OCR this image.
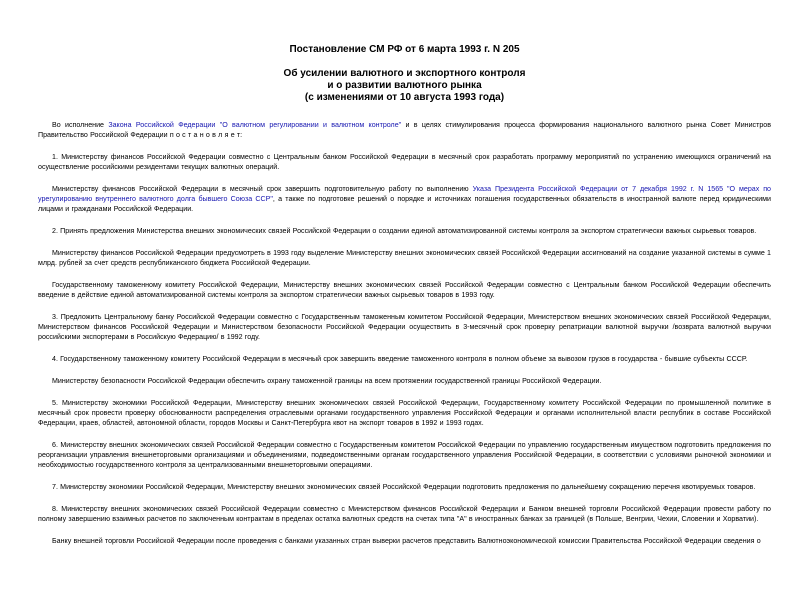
Постановление СМ РФ от 6 марта 1993 г. N 205
Об усилении валютного и экспортного контроля
и о развитии валютного рынка
(с изменениями от 10 августа 1993 года)

Во исполнение Закона Российской Федерации "О валютном регулировании и валютном контроле" и в целях стимулирования процесса формирования национального валютного рынка Совет Министров Правительство Российской Федерации п о с т а н о в л я е т:

1. Министерству финансов Российской Федерации совместно с Центральным банком Российской Федерации в месячный срок разработать программу мероприятий по устранению имеющихся ограничений на осуществление российскими резидентами текущих валютных операций.

Министерству финансов Российской Федерации в месячный срок завершить подготовительную работу по выполнению Указа Президента Российской Федерации от 7 декабря 1992 г. N 1565 "О мерах по урегулированию внутреннего валютного долга бывшего Союза ССР", а также по подготовке решений о порядке и источниках погашения государственных обязательств в иностранной валюте перед юридическими лицами и гражданами Российской Федерации.

2. Принять предложения Министерства внешних экономических связей Российской Федерации о создании единой автоматизированной системы контроля за экспортом стратегически важных сырьевых товаров.

Министерству финансов Российской Федерации предусмотреть в 1993 году выделение Министерству внешних экономических связей Российской Федерации ассигнований на создание указанной системы в сумме 1 млрд. рублей за счет средств республиканского бюджета Российской Федерации.

Государственному таможенному комитету Российской Федерации, Министерству внешних экономических связей Российской Федерации совместно с Центральным банком Российской Федерации обеспечить введение в действие единой автоматизированной системы контроля за экспортом стратегически важных сырьевых товаров в 1993 году.

3. Предложить Центральному банку Российской Федерации совместно с Государственным таможенным комитетом Российской Федерации, Министерством внешних экономических связей Российской Федерации, Министерством финансов Российской Федерации и Министерством безопасности Российской Федерации осуществить в 3-месячный срок проверку репатриации валютной выручки /возврата валютной выручки российскими экспортерами в Российскую Федерацию/ в 1992 году.

4. Государственному таможенному комитету Российской Федерации в месячный срок завершить введение таможенного контроля в полном объеме за вывозом грузов в государства - бывшие субъекты СССР.

Министерству безопасности Российской Федерации обеспечить охрану таможенной границы на всем протяжении государственной границы Российской Федерации.

5. Министерству экономики Российской Федерации, Министерству внешних экономических связей Российской Федерации, Государственному комитету Российской Федерации по промышленной политике в месячный срок провести проверку обоснованности распределения отраслевыми органами государственного управления Российской Федерации и органами исполнительной власти республик в составе Российской Федерации, краев, областей, автономной области, городов Москвы и Санкт-Петербурга квот на экспорт товаров в 1992 и 1993 годах.

6. Министерству внешних экономических связей Российской Федерации совместно с Государственным комитетом Российской Федерации по управлению государственным имуществом подготовить предложения по реорганизации управления внешнеторговыми организациями и объединениями, подведомственными органам государственного управления Российской Федерации, в соответствии с условиями рыночной экономики и необходимостью государственного контроля за централизованными внешнеторговыми операциями.

7. Министерству экономики Российской Федерации, Министерству внешних экономических связей Российской Федерации подготовить предложения по дальнейшему сокращению перечня квотируемых товаров.

8. Министерству внешних экономических связей Российской Федерации совместно с Министерством финансов Российской Федерации и Банком внешней торговли Российской Федерации провести работу по полному завершению взаимных расчетов по заключенным контрактам в пределах остатка валютных средств на счетах типа "А" в иностранных банках за границей (в Польше, Венгрии, Чехии, Словении и Хорватии).

Банку внешней торговли Российской Федерации после проведения с банками указанных стран выверки расчетов представить Валютноэкономической комиссии Правительства Российской Федерации сведения о
